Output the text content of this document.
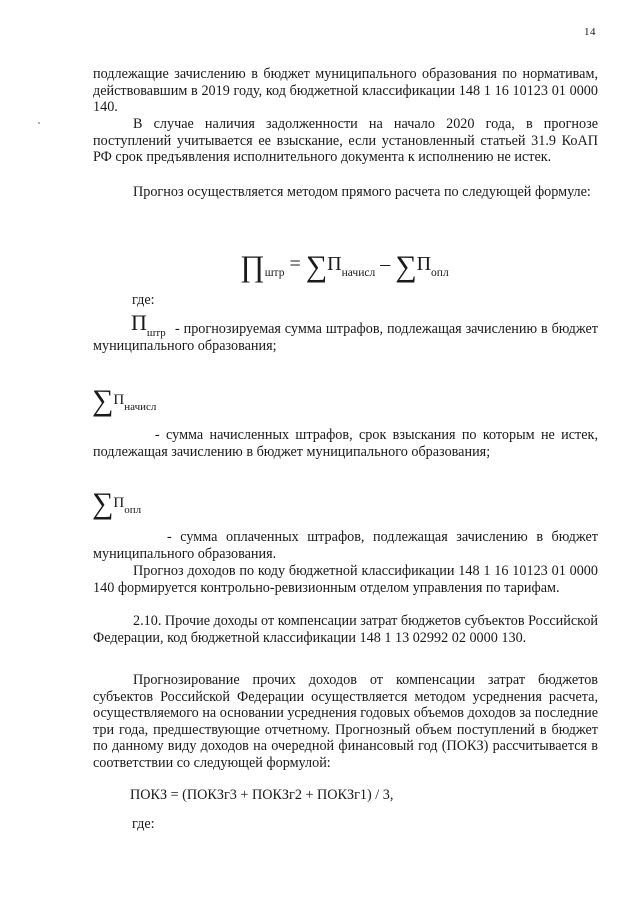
14

подлежащие зачислению в бюджет муниципального образования по нормативам, действовавшим в 2019 году, код бюджетной классификации 148 1 16 10123 01 0000 140.

В случае наличия задолженности на начало 2020 года, в прогнозе поступлений учитывается ее взыскание, если установленный статьей 31.9 КоАП РФ срок предъявления исполнительного документа к исполнению не истек.

Прогноз осуществляется методом прямого расчета по следующей формуле:

$\prod_{штр} = \sum П_{начисл} - \sum П_{опл}$
где:
$П_{штр}$ - прогнозируемая сумма штрафов, подлежащая зачислению в бюджет муниципального образования;

$\sum П_{начисл}$

- сумма начисленных штрафов, срок взыскания по которым не истек, подлежащая зачислению в бюджет муниципального образования;

$\sum П_{опл}$

- сумма оплаченных штрафов, подлежащая зачислению в бюджет муниципального образования.

Прогноз доходов по коду бюджетной классификации 148 1 16 10123 01 0000 140 формируется контрольно-ревизионным отделом управления по тарифам.

2.10. Прочие доходы от компенсации затрат бюджетов субъектов Российской Федерации, код бюджетной классификации 148 1 13 02992 02 0000 130.

Прогнозирование прочих доходов от компенсации затрат бюджетов субъектов Российской Федерации осуществляется методом усреднения расчета, осуществляемого на основании усреднения годовых объемов доходов за последние три года, предшествующие отчетному. Прогнозный объем поступлений в бюджет по данному виду доходов на очередной финансовый год (ПОКЗ) рассчитывается в соответствии со следующей формулой:

ПОКЗ = (ПОКЗг3 + ПОКЗг2 + ПОКЗг1) / 3,
где:
